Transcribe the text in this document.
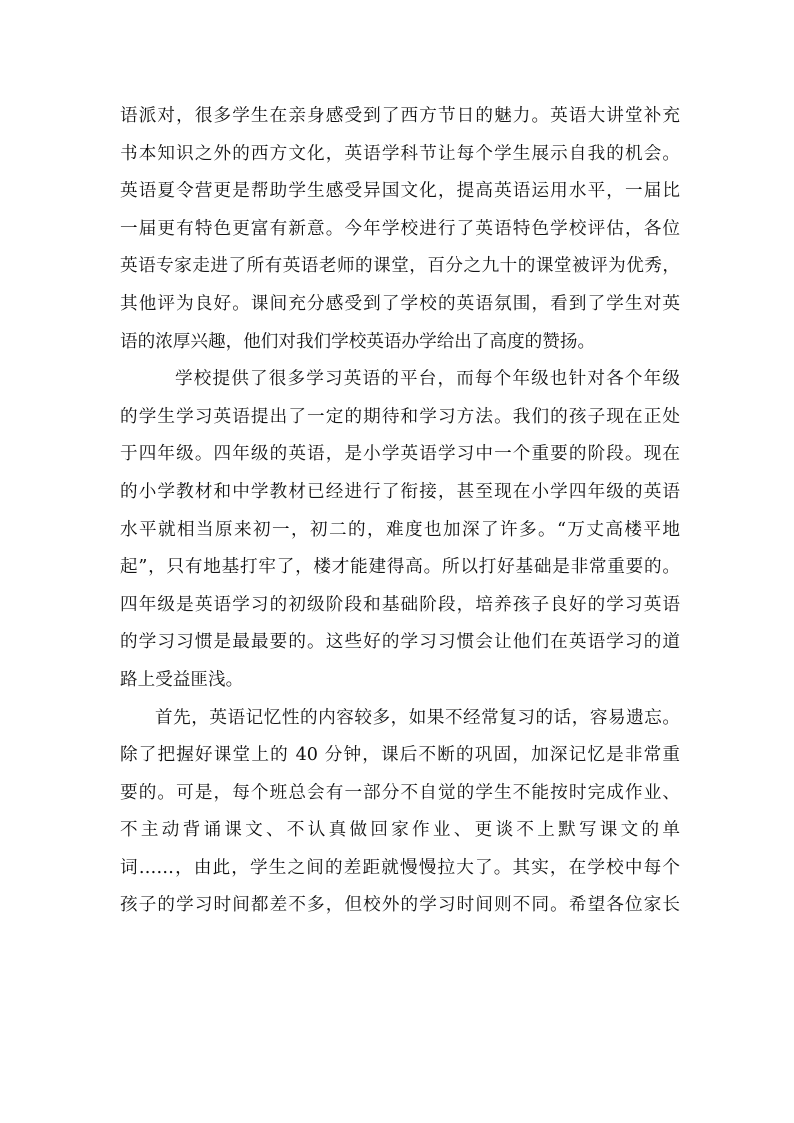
语派对，很多学生在亲身感受到了西方节日的魅力。英语大讲堂补充
书本知识之外的西方文化，英语学科节让每个学生展示自我的机会。
英语夏令营更是帮助学生感受异国文化，提高英语运用水平，一届比
一届更有特色更富有新意。今年学校进行了英语特色学校评估，各位
英语专家走进了所有英语老师的课堂，百分之九十的课堂被评为优秀，
其他评为良好。课间充分感受到了学校的英语氛围，看到了学生对英
语的浓厚兴趣，他们对我们学校英语办学给出了高度的赞扬。
学校提供了很多学习英语的平台，而每个年级也针对各个年级
的学生学习英语提出了一定的期待和学习方法。我们的孩子现在正处
于四年级。四年级的英语，是小学英语学习中一个重要的阶段。现在
的小学教材和中学教材已经进行了衔接，甚至现在小学四年级的英语
水平就相当原来初一，初二的，难度也加深了许多。“万丈高楼平地
起”，只有地基打牢了，楼才能建得高。所以打好基础是非常重要的。
四年级是英语学习的初级阶段和基础阶段，培养孩子良好的学习英语
的学习习惯是最最要的。这些好的学习习惯会让他们在英语学习的道
路上受益匪浅。
首先，英语记忆性的内容较多，如果不经常复习的话，容易遗忘。
除了把握好课堂上的 40 分钟，课后不断的巩固，加深记忆是非常重
要的。可是，每个班总会有一部分不自觉的学生不能按时完成作业、
不主动背诵课文、不认真做回家作业、更谈不上默写课文的单
词……，由此，学生之间的差距就慢慢拉大了。其实，在学校中每个
孩子的学习时间都差不多，但校外的学习时间则不同。希望各位家长
